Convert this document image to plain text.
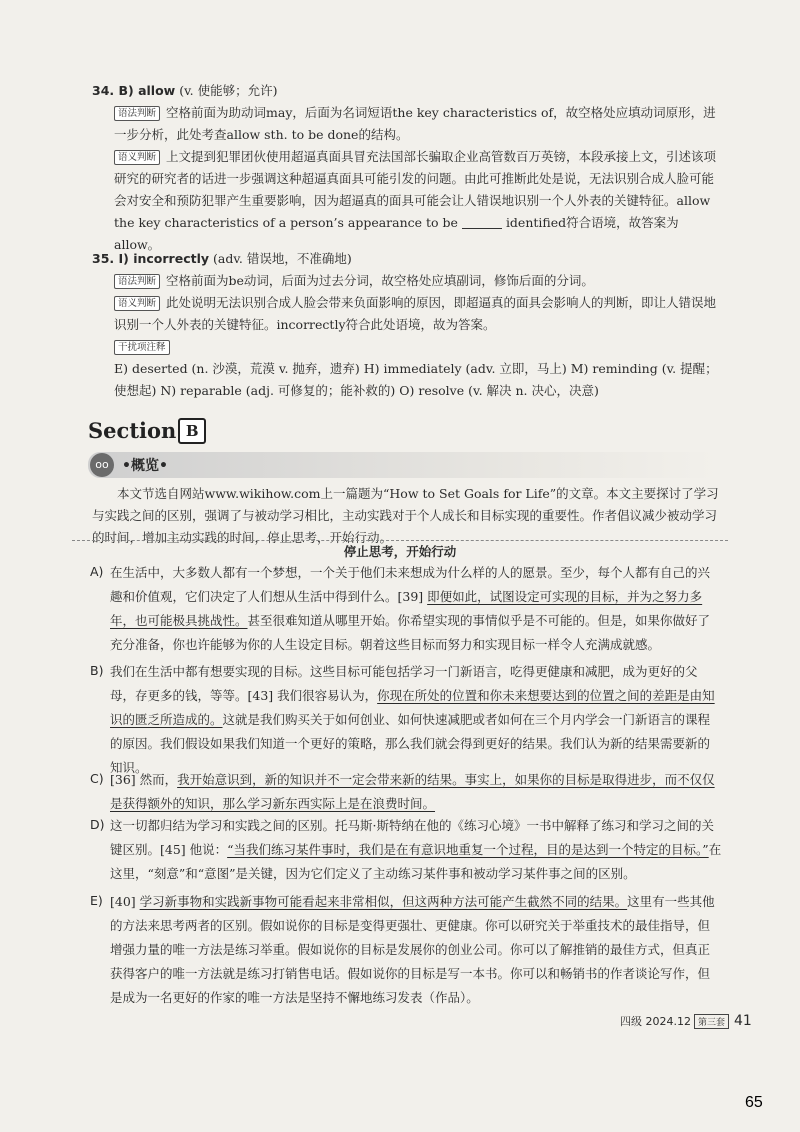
34. B) allow (v. 使能够；允许)
语法判断 空格前面为助动词may，后面为名词短语the key characteristics of，故空格处应填动词原形，进一步分析，此处考查allow sth. to be done的结构。
语义判断 上文提到犯罪团伙使用超逼真面具冒充法国部长骗取企业高管数百万英镑，本段承接上文，引述该项研究的研究者的话进一步强调这种超逼真面具可能引发的问题。由此可推断此处是说，无法识别合成人脸可能会对安全和预防犯罪产生重要影响，因为超逼真的面具可能会让人错误地识别一个人外表的关键特征。allow the key characteristics of a person’s appearance to be	identified符合语境，故答案为allow。
35. I) incorrectly (adv. 错误地，不准确地)
语法判断 空格前面为be动词，后面为过去分词，故空格处应填副词，修饰后面的分词。
语义判断 此处说明无法识别合成人脸会带来负面影响的原因，即超逼真的面具会影响人的判断，即让人错误地识别一个人外表的关键特征。incorrectly符合此处语境，故为答案。
干扰项注释
E) deserted (n. 沙漠，荒漠 v. 抛弃，遗弃) H) immediately (adv. 立即，马上) M) reminding (v. 提醒；使想起) N) reparable (adj. 可修复的；能补救的) O) resolve (v. 解决 n. 决心，决意)
Section B
oo •概览•
本文节选自网站www.wikihow.com上一篇题为“How to Set Goals for Life”的文章。本文主要探讨了学习与实践之间的区别，强调了与被动学习相比，主动实践对于个人成长和目标实现的重要性。作者倡议减少被动学习的时间，增加主动实践的时间，停止思考，开始行动。
停止思考，开始行动
A) 在生活中，大多数人都有一个梦想，一个关于他们未来想成为什么样的人的愿景。至少，每个人都有自己的兴趣和价值观，它们决定了人们想从生活中得到什么。[39] 即便如此，试图设定可实现的目标，并为之努力多年，也可能极具挑战性。甚至很难知道从哪里开始。你希望实现的事情似乎是不可能的。但是，如果你做好了充分准备，你也许能够为你的人生设定目标。朝着这些目标而努力和实现目标一样令人充满成就感。
B) 我们在生活中都有想要实现的目标。这些目标可能包括学习一门新语言，吃得更健康和减肥，成为更好的父母，存更多的钱，等等。[43] 我们很容易认为，你现在所处的位置和你未来想要达到的位置之间的差距是由知识的匮乏所造成的。这就是我们购买关于如何创业、如何快速减肥或者如何在三个月内学会一门新语言的课程的原因。我们假设如果我们知道一个更好的策略，那么我们就会得到更好的结果。我们认为新的结果需要新的知识。
C) [36] 然而，我开始意识到，新的知识并不一定会带来新的结果。事实上，如果你的目标是取得进步，而不仅仅是获得额外的知识，那么学习新东西实际上是在浪费时间。
D) 这一切都归结为学习和实践之间的区别。托马斯·斯特纳在他的《练习心境》一书中解释了练习和学习之间的关键区别。[45] 他说：“当我们练习某件事时，我们是在有意识地重复一个过程，目的是达到一个特定的目标。”在这里，“刻意”和“意图”是关键，因为它们定义了主动练习某件事和被动学习某件事之间的区别。
E) [40] 学习新事物和实践新事物可能看起来非常相似，但这两种方法可能产生截然不同的结果。这里有一些其他的方法来思考两者的区别。假如说你的目标是变得更强壮、更健康。你可以研究关于举重技术的最佳指导，但增强力量的唯一方法是练习举重。假如说你的目标是发展你的创业公司。你可以了解推销的最佳方式，但真正获得客户的唯一方法就是练习打销售电话。假如说你的目标是写一本书。你可以和畅销书的作者谈论写作，但是成为一名更好的作家的唯一方法是坚持不懈地练习发表（作品）。
四级 2024.12 第三套 41
65
